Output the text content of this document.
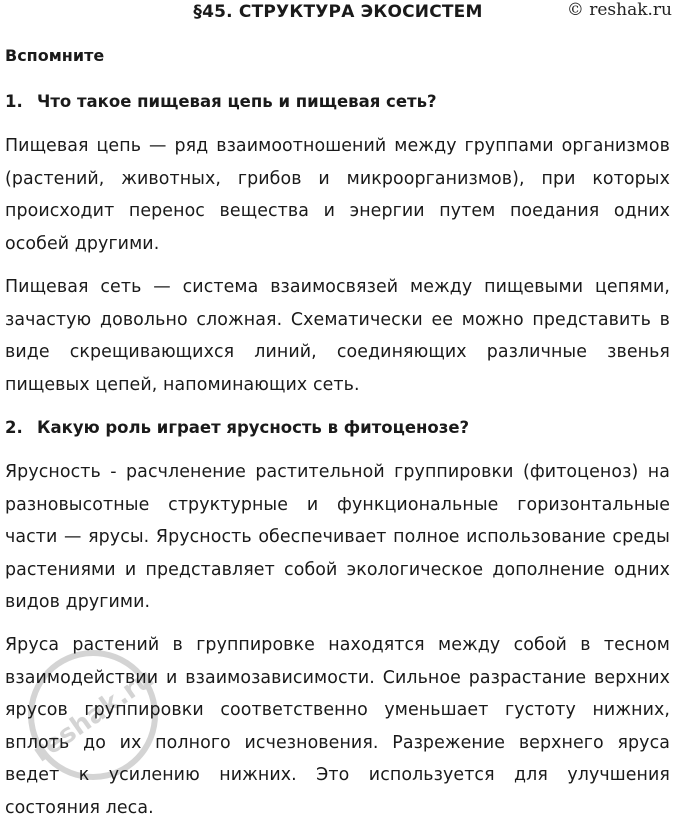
§45. СТРУКТУРА ЭКОСИСТЕМ	© reshak.ru
Вспомните
1. Что такое пищевая цепь и пищевая сеть?

Пищевая цепь — ряд взаимоотношений между группами организмов (растений, животных, грибов и микроорганизмов), при которых происходит перенос вещества и энергии путем поедания одних особей другими.

Пищевая сеть — система взаимосвязей между пищевыми цепями, зачастую довольно сложная. Схематически ее можно представить в виде скрещивающихся линий, соединяющих различные звенья пищевых цепей, напоминающих сеть.

2. Какую роль играет ярусность в фитоценозе?

Ярусность - расчленение растительной группировки (фитоценоз) на разновысотные структурные и функциональные горизонтальные части — ярусы. Ярусность обеспечивает полное использование среды растениями и представляет собой экологическое дополнение одних видов другими.

Яруса растений в группировке находятся между собой в тесном взаимодействии и взаимозависимости. Сильное разрастание верхних ярусов группировки соответственно уменьшает густоту нижних, вплоть до их полного исчезновения. Разрежение верхнего яруса ведет к усилению нижних. Это используется для улучшения состояния леса.

reshak.ru
